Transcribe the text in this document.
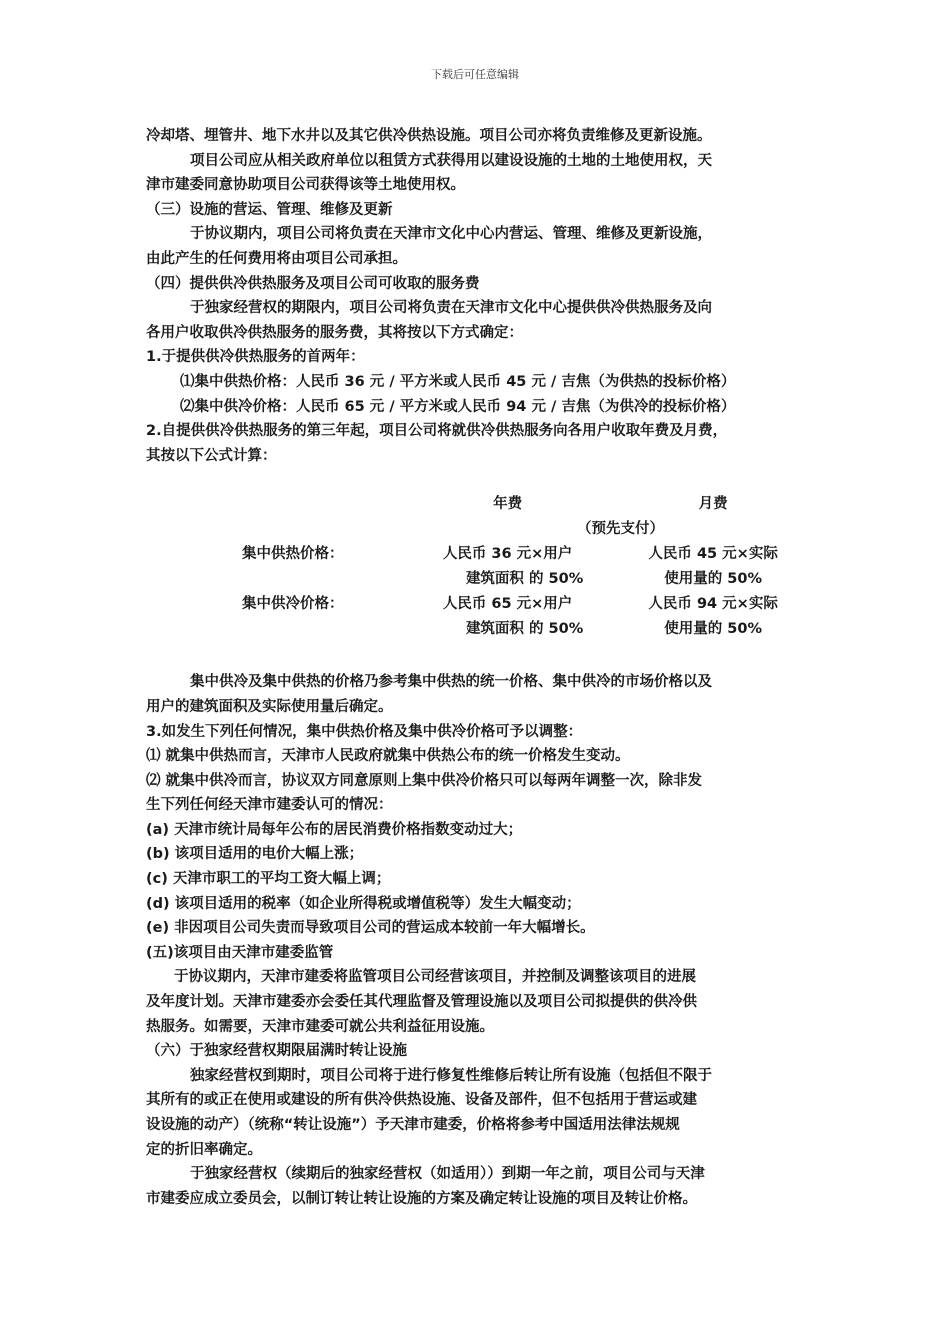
下载后可任意编辑
冷却塔、埋管井、地下水井以及其它供冷供热设施。项目公司亦将负责维修及更新设施。
项目公司应从相关政府单位以租赁方式获得用以建设设施的土地的土地使用权，天
津市建委同意协助项目公司获得该等土地使用权。
（三）设施的营运、管理、维修及更新
于协议期内，项目公司将负责在天津市文化中心内营运、管理、维修及更新设施，
由此产生的任何费用将由项目公司承担。
（四）提供供冷供热服务及项目公司可收取的服务费
于独家经营权的期限内，项目公司将负责在天津市文化中心提供供冷供热服务及向
各用户收取供冷供热服务的服务费，其将按以下方式确定：
1.于提供供冷供热服务的首两年：
⑴集中供热价格：人民币 36 元 / 平方米或人民币 45 元 / 吉焦（为供热的投标价格）
⑵集中供冷价格：人民币 65 元 / 平方米或人民币 94 元 / 吉焦（为供冷的投标价格）
2.自提供供冷供热服务的第三年起，项目公司将就供冷供热服务向各用户收取年费及月费，
其按以下公式计算：
	年费	月费
	（预先支付）	
集中供热价格：	人民币 36 元×用户	人民币 45 元×实际
	建筑面积 的 50%	使用量的 50%
集中供冷价格：	人民币 65 元×用户	人民币 94 元×实际
	建筑面积 的 50%	使用量的 50%
集中供冷及集中供热的价格乃参考集中供热的统一价格、集中供冷的市场价格以及
用户的建筑面积及实际使用量后确定。
3.如发生下列任何情况，集中供热价格及集中供冷价格可予以调整：
⑴ 就集中供热而言，天津市人民政府就集中供热公布的统一价格发生变动。
⑵ 就集中供冷而言，协议双方同意原则上集中供冷价格只可以每两年调整一次，除非发
生下列任何经天津市建委认可的情况：
(a) 天津市统计局每年公布的居民消费价格指数变动过大；
(b) 该项目适用的电价大幅上涨；
(c) 天津市职工的平均工资大幅上调；
(d) 该项目适用的税率（如企业所得税或增值税等）发生大幅变动；
(e) 非因项目公司失责而导致项目公司的营运成本较前一年大幅增长。
(五)该项目由天津市建委监管
于协议期内，天津市建委将监管项目公司经营该项目，并控制及调整该项目的进展
及年度计划。天津市建委亦会委任其代理监督及管理设施以及项目公司拟提供的供冷供
热服务。如需要，天津市建委可就公共利益征用设施。
（六）于独家经营权期限届满时转让设施
独家经营权到期时，项目公司将于进行修复性维修后转让所有设施（包括但不限于
其所有的或正在使用或建设的所有供冷供热设施、设备及部件，但不包括用于营运或建
设设施的动产）（统称“转让设施”）予天津市建委，价格将参考中国适用法律法规规
定的折旧率确定。
于独家经营权（续期后的独家经营权（如适用））到期一年之前，项目公司与天津
市建委应成立委员会，以制订转让转让设施的方案及确定转让设施的项目及转让价格。
